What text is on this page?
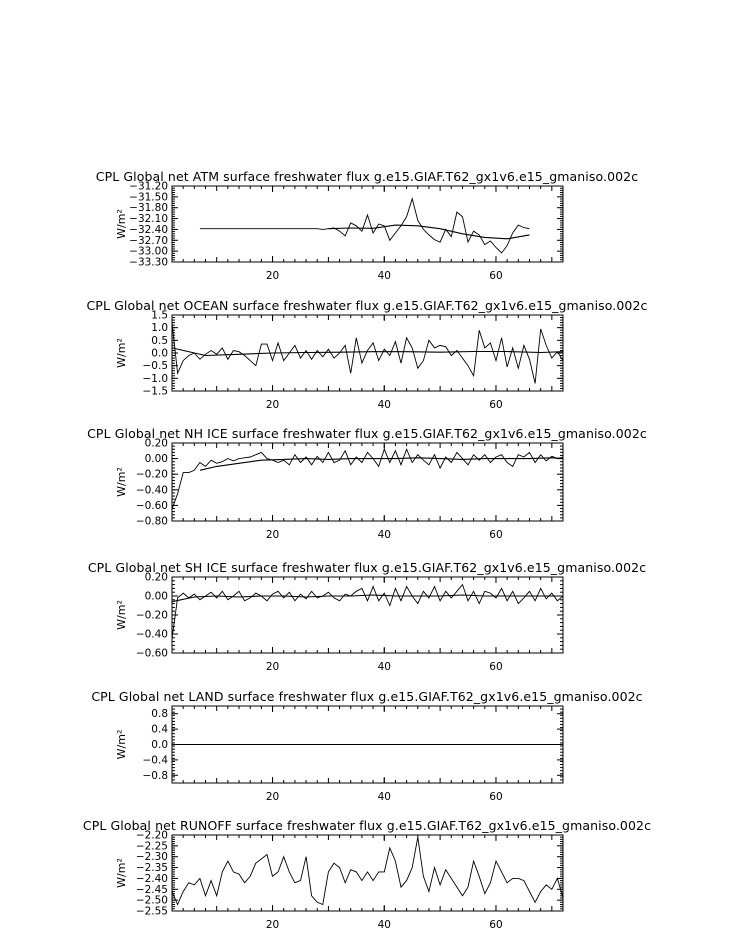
CPL Global net ATM surface freshwater flux g.e15.GIAF.T62_gx1v6.e15_gmaniso.002c
20	40	60
−31.20
−31.50
−31.80
−32.10
−32.40
−32.70
−33.00
−33.30
W/m²
CPL Global net OCEAN surface freshwater flux g.e15.GIAF.T62_gx1v6.e15_gmaniso.002c
20	40	60
1.5
1.0
0.5
0.0
−0.5
−1.0
−1.5
W/m²
CPL Global net NH ICE surface freshwater flux g.e15.GIAF.T62_gx1v6.e15_gmaniso.002c
20	40	60
0.20
0.00
−0.20
−0.40
−0.60
−0.80
W/m²
CPL Global net SH ICE surface freshwater flux g.e15.GIAF.T62_gx1v6.e15_gmaniso.002c
20	40	60
0.20
0.00
−0.20
−0.40
−0.60
W/m²
CPL Global net LAND surface freshwater flux g.e15.GIAF.T62_gx1v6.e15_gmaniso.002c
20	40	60
0.8
0.4
0.0
−0.4
−0.8
W/m²
CPL Global net RUNOFF surface freshwater flux g.e15.GIAF.T62_gx1v6.e15_gmaniso.002c
20	40	60
−2.20
−2.25
−2.30
−2.35
−2.40
−2.45
−2.50
−2.55
W/m²
